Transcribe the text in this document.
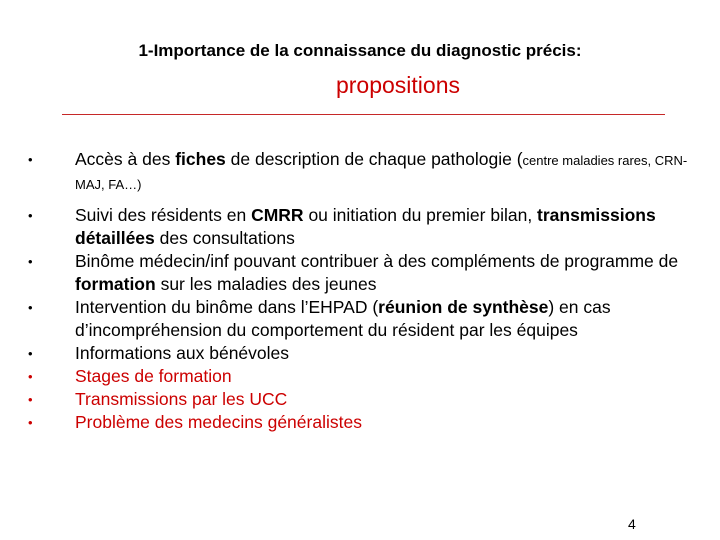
1-Importance de la connaissance du diagnostic précis:
propositions
•	Accès à des fiches de description de chaque pathologie (centre maladies rares, CRN-MAJ, FA…)
•	Suivi des résidents en CMRR ou initiation du premier bilan, transmissions détaillées des consultations
•	Binôme médecin/inf pouvant contribuer à des compléments de programme de formation sur les maladies des jeunes
•	Intervention du binôme dans l’EHPAD (réunion de synthèse) en cas d’incompréhension du comportement du résident par les équipes
•	Informations aux bénévoles
•	Stages de formation
•	Transmissions par les UCC
•	Problème des medecins généralistes
4
